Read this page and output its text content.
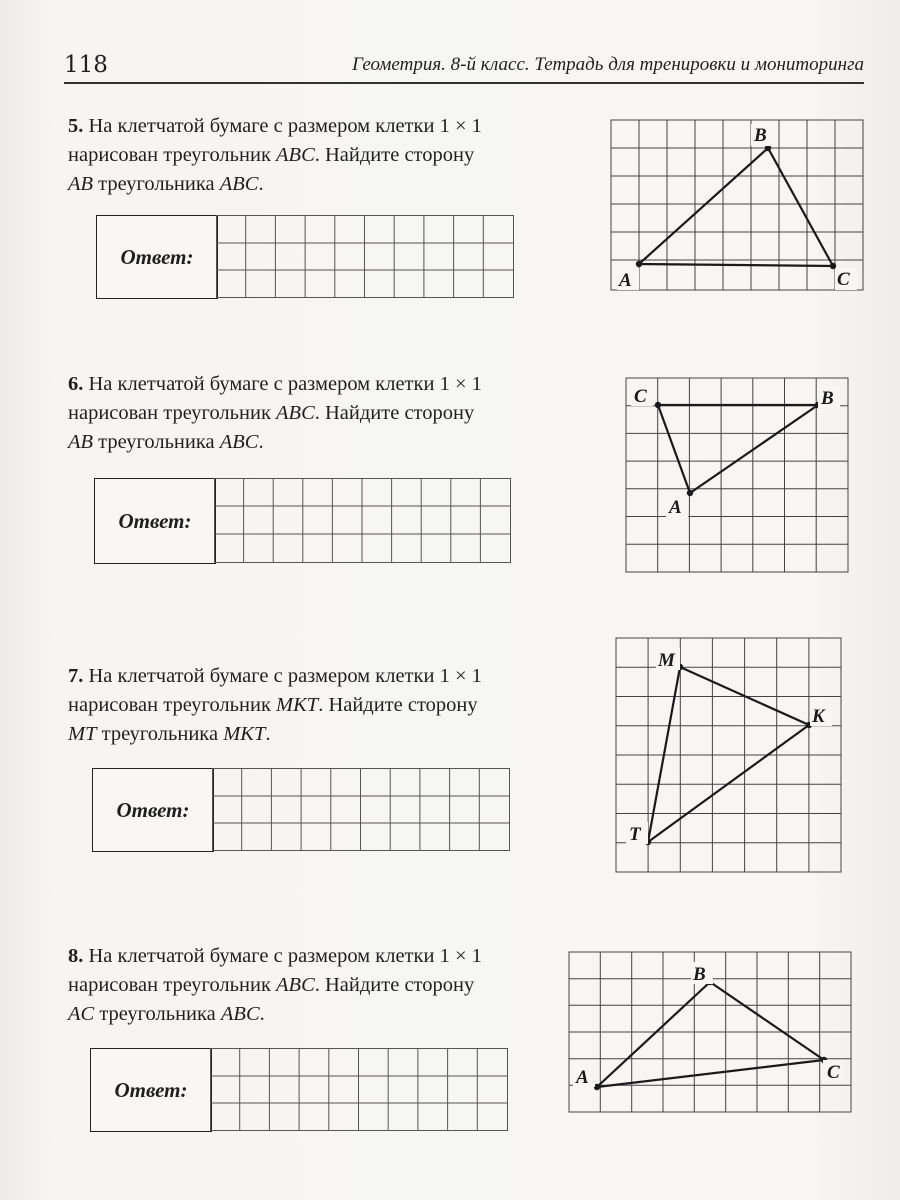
118	Геометрия. 8-й класс. Тетрадь для тренировки и мониторинга
5. На клетчатой бумаге с размером клетки 1 × 1
нарисован треугольник ABC. Найдите сторону
AB треугольника ABC.
Ответ:
A
B
C
6. На клетчатой бумаге с размером клетки 1 × 1
нарисован треугольник ABC. Найдите сторону
AB треугольника ABC.
Ответ:
C	B
A
7. На клетчатой бумаге с размером клетки 1 × 1
нарисован треугольник MKT. Найдите сторону
MT треугольника MKT.
Ответ:
M
K
T
8. На клетчатой бумаге с размером клетки 1 × 1
нарисован треугольник ABC. Найдите сторону
AC треугольника ABC.
Ответ:
B
A	C
